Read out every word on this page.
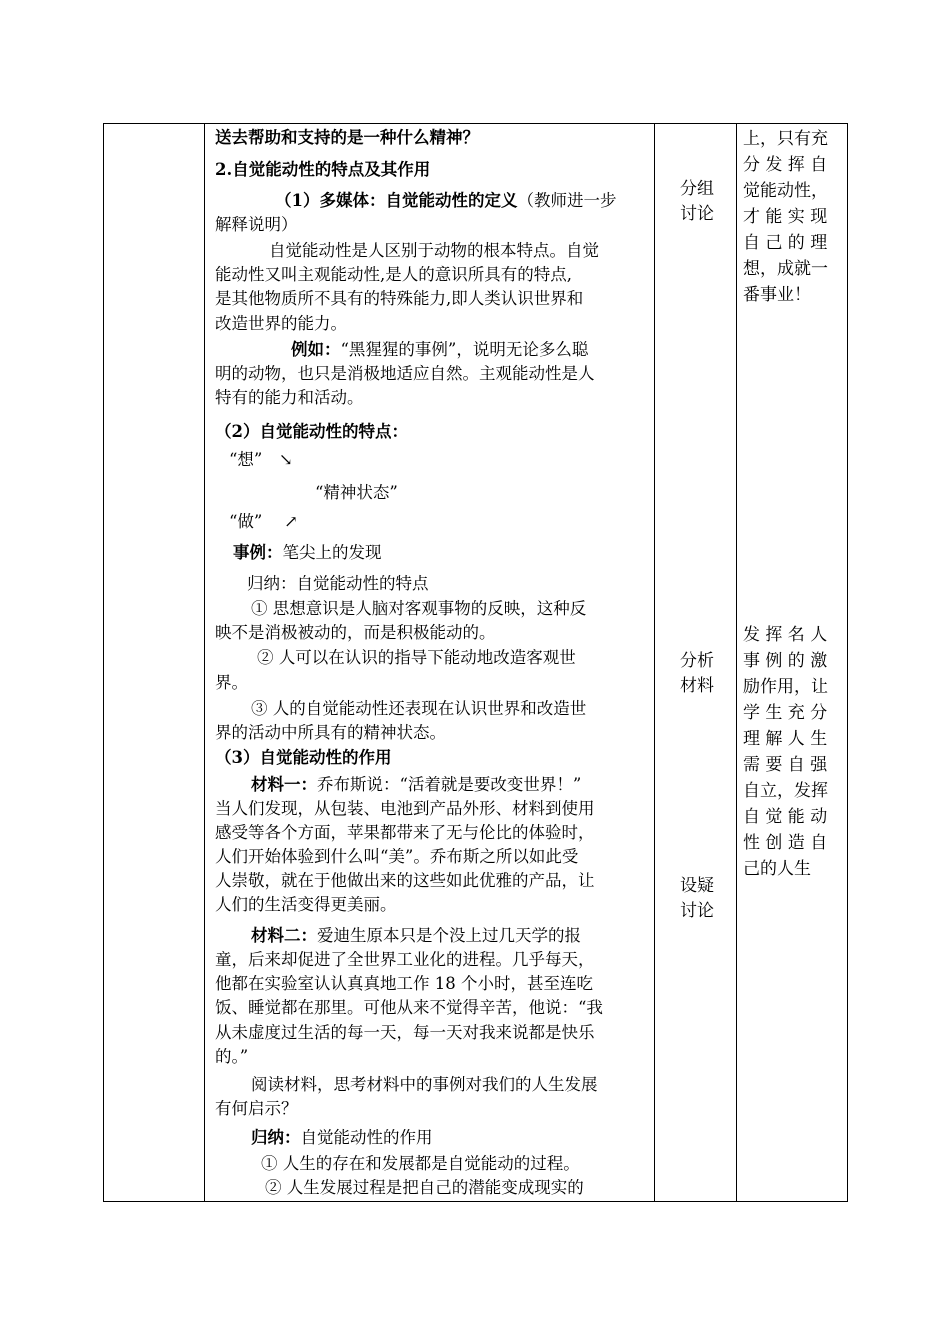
送去帮助和支持的是一种什么精神？
2.自觉能动性的特点及其作用
（1）多媒体：自觉能动性的定义（教师进一步
解释说明）
自觉能动性是人区别于动物的根本特点。自觉
能动性又叫主观能动性,是人的意识所具有的特点,
是其他物质所不具有的特殊能力,即人类认识世界和
改造世界的能力。
例如：“黑猩猩的事例”，说明无论多么聪
明的动物，也只是消极地适应自然。主观能动性是人
特有的能力和活动。
（2）自觉能动性的特点：
“想”　↘
“精神状态”
“做”　 ↗
事例：笔尖上的发现
归纳：自觉能动性的特点
① 思想意识是人脑对客观事物的反映，这种反
映不是消极被动的，而是积极能动的。
② 人可以在认识的指导下能动地改造客观世
界。
③ 人的自觉能动性还表现在认识世界和改造世
界的活动中所具有的精神状态。
（3）自觉能动性的作用
材料一：乔布斯说：“活着就是要改变世界！”
当人们发现，从包装、电池到产品外形、材料到使用
感受等各个方面，苹果都带来了无与伦比的体验时，
人们开始体验到什么叫“美”。乔布斯之所以如此受
人崇敬，就在于他做出来的这些如此优雅的产品，让
人们的生活变得更美丽。
材料二：爱迪生原本只是个没上过几天学的报
童，后来却促进了全世界工业化的进程。几乎每天，
他都在实验室认认真真地工作 18 个小时，甚至连吃
饭、睡觉都在那里。可他从来不觉得辛苦，他说：“我
从未虚度过生活的每一天，每一天对我来说都是快乐
的。”
阅读材料，思考材料中的事例对我们的人生发展
有何启示？
归纳：自觉能动性的作用
① 人生的存在和发展都是自觉能动的过程。
② 人生发展过程是把自己的潜能变成现实的
分组
讨论
分析
材料
设疑
讨论
上，只有充
分 发 挥 自
觉能动性，
才 能 实 现
自 己 的 理
想，成就一
番事业！
发 挥 名 人
事 例 的 激
励作用，让
学 生 充 分
理 解 人 生
需 要 自 强
自立，发挥
自 觉 能 动
性 创 造 自
己的人生
